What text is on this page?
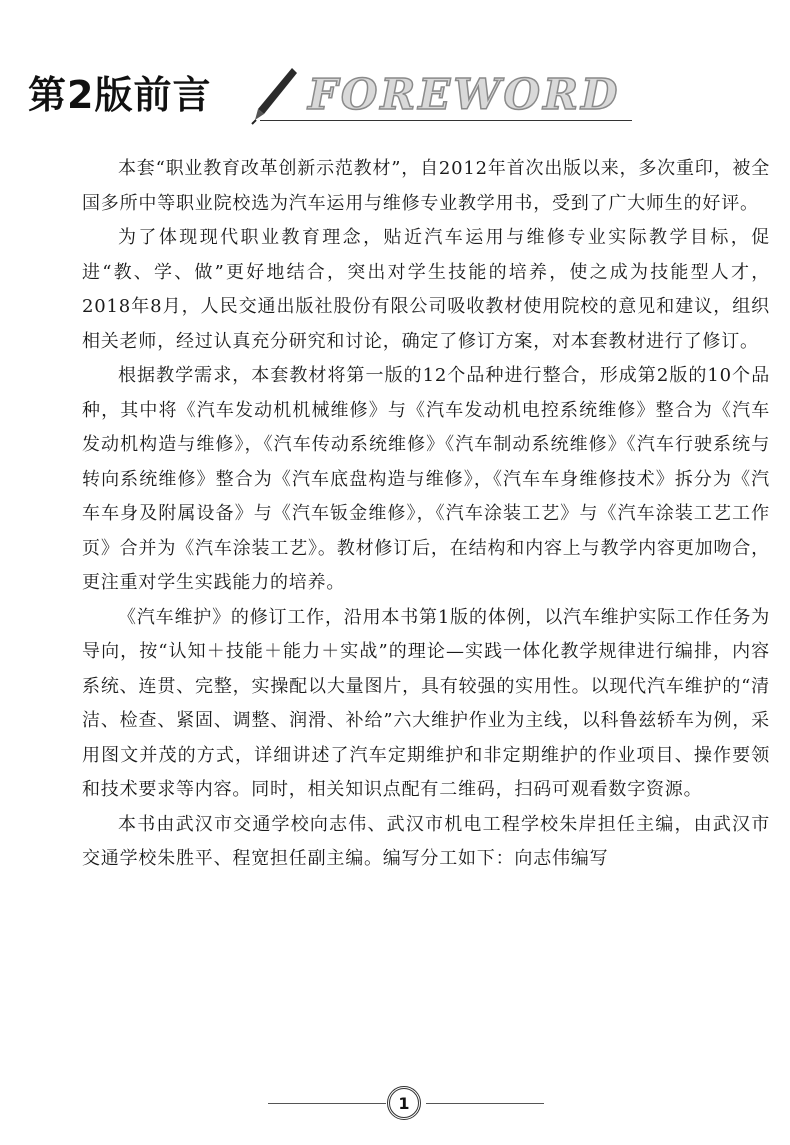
第2版前言 FOREWORD

本套“职业教育改革创新示范教材”，自2012年首次出版以来，多次重印，被全国多所中等职业院校选为汽车运用与维修专业教学用书，受到了广大师生的好评。

为了体现现代职业教育理念，贴近汽车运用与维修专业实际教学目标，促进“教、学、做”更好地结合，突出对学生技能的培养，使之成为技能型人才，2018年8月，人民交通出版社股份有限公司吸收教材使用院校的意见和建议，组织相关老师，经过认真充分研究和讨论，确定了修订方案，对本套教材进行了修订。

根据教学需求，本套教材将第一版的12个品种进行整合，形成第2版的10个品种，其中将《汽车发动机机械维修》与《汽车发动机电控系统维修》整合为《汽车发动机构造与维修》，《汽车传动系统维修》《汽车制动系统维修》《汽车行驶系统与转向系统维修》整合为《汽车底盘构造与维修》，《汽车车身维修技术》拆分为《汽车车身及附属设备》与《汽车钣金维修》，《汽车涂装工艺》与《汽车涂装工艺工作页》合并为《汽车涂装工艺》。教材修订后，在结构和内容上与教学内容更加吻合，更注重对学生实践能力的培养。

《汽车维护》的修订工作，沿用本书第1版的体例，以汽车维护实际工作任务为导向，按“认知＋技能＋能力＋实战”的理论—实践一体化教学规律进行编排，内容系统、连贯、完整，实操配以大量图片，具有较强的实用性。以现代汽车维护的“清洁、检查、紧固、调整、润滑、补给”六大维护作业为主线，以科鲁兹轿车为例，采用图文并茂的方式，详细讲述了汽车定期维护和非定期维护的作业项目、操作要领和技术要求等内容。同时，相关知识点配有二维码，扫码可观看数字资源。

本书由武汉市交通学校向志伟、武汉市机电工程学校朱岸担任主编，由武汉市交通学校朱胜平、程宽担任副主编。编写分工如下：向志伟编写

1
